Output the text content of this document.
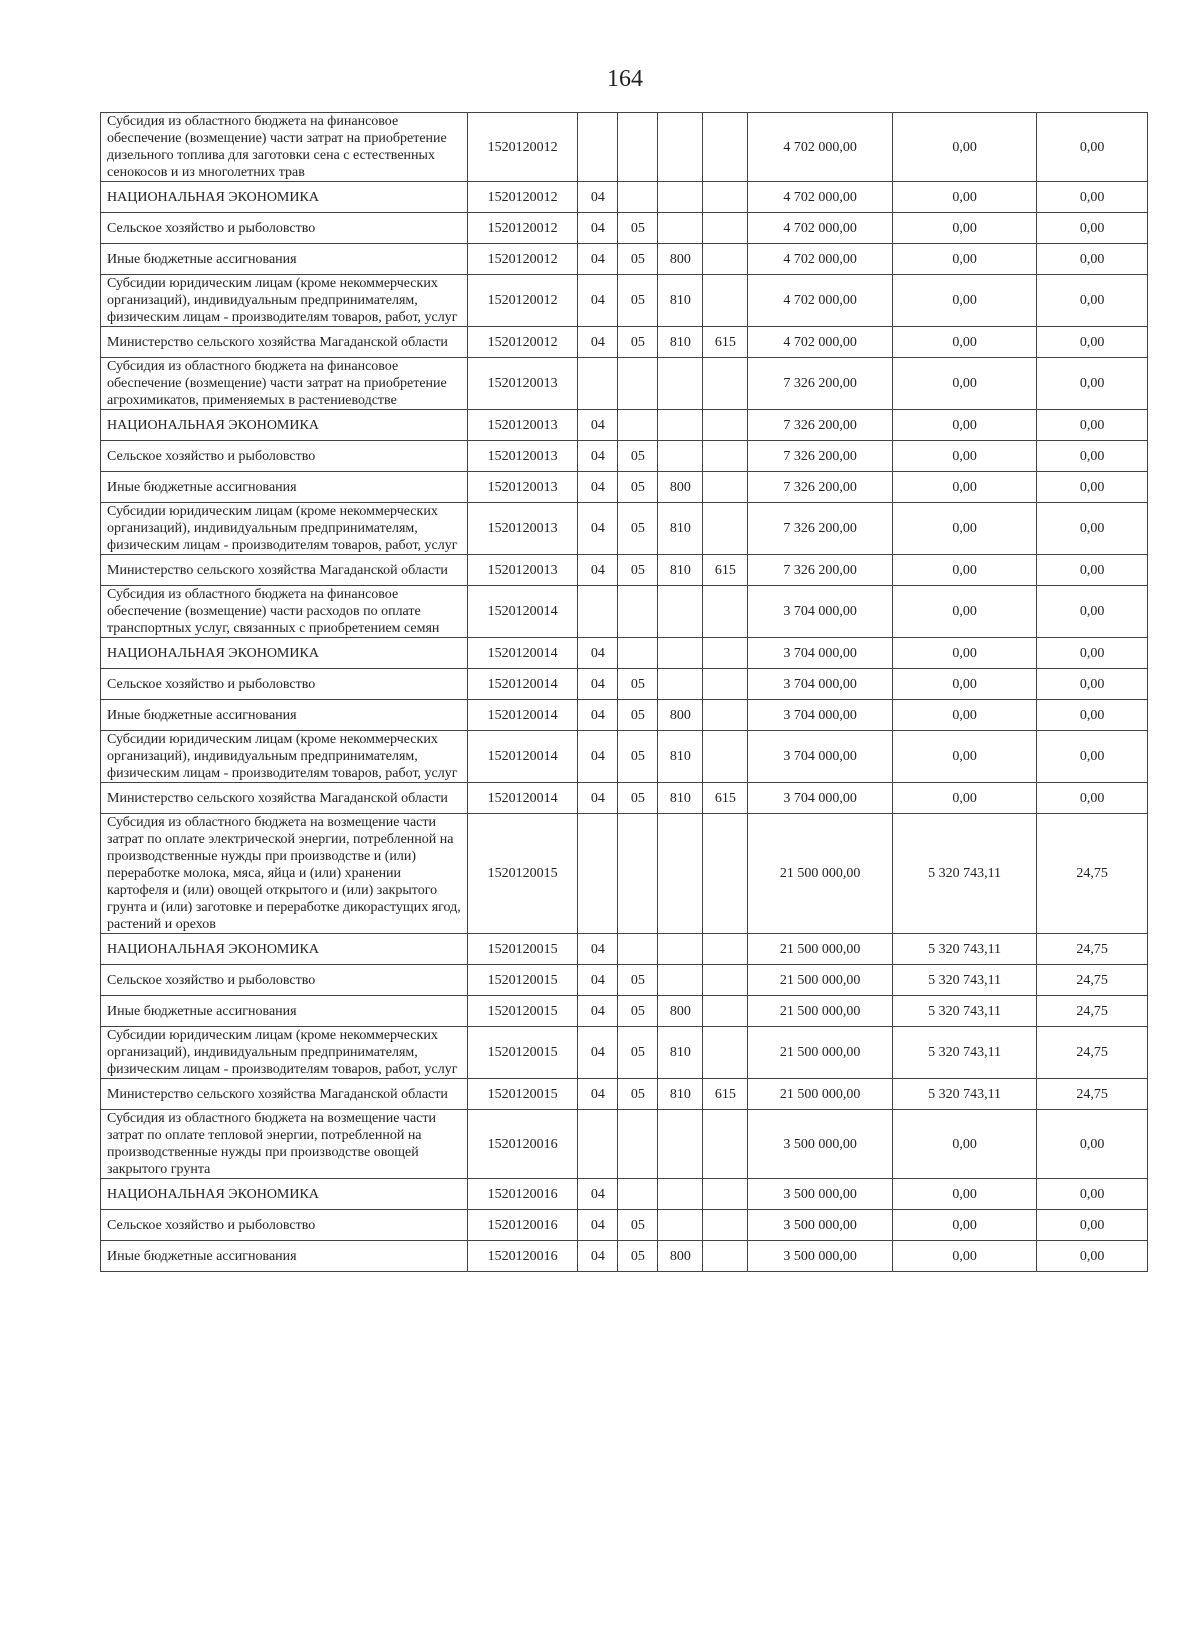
164
Субсидия из областного бюджета на финансовое обеспечение (возмещение) части затрат на приобретение дизельного топлива для заготовки сена с естественных сенокосов и из многолетних трав	1520120012					4 702 000,00	0,00	0,00
НАЦИОНАЛЬНАЯ ЭКОНОМИКА	1520120012	04				4 702 000,00	0,00	0,00
Сельское хозяйство и рыболовство	1520120012	04	05			4 702 000,00	0,00	0,00
Иные бюджетные ассигнования	1520120012	04	05	800		4 702 000,00	0,00	0,00
Субсидии юридическим лицам (кроме некоммерческих организаций), индивидуальным предпринимателям, физическим лицам - производителям товаров, работ, услуг	1520120012	04	05	810		4 702 000,00	0,00	0,00
Министерство сельского хозяйства Магаданской области	1520120012	04	05	810	615	4 702 000,00	0,00	0,00
Субсидия из областного бюджета на финансовое обеспечение (возмещение) части затрат на приобретение агрохимикатов, применяемых в растениеводстве	1520120013					7 326 200,00	0,00	0,00
НАЦИОНАЛЬНАЯ ЭКОНОМИКА	1520120013	04				7 326 200,00	0,00	0,00
Сельское хозяйство и рыболовство	1520120013	04	05			7 326 200,00	0,00	0,00
Иные бюджетные ассигнования	1520120013	04	05	800		7 326 200,00	0,00	0,00
Субсидии юридическим лицам (кроме некоммерческих организаций), индивидуальным предпринимателям, физическим лицам - производителям товаров, работ, услуг	1520120013	04	05	810		7 326 200,00	0,00	0,00
Министерство сельского хозяйства Магаданской области	1520120013	04	05	810	615	7 326 200,00	0,00	0,00
Субсидия из областного бюджета на финансовое обеспечение (возмещение) части расходов по оплате транспортных услуг, связанных с приобретением семян	1520120014					3 704 000,00	0,00	0,00
НАЦИОНАЛЬНАЯ ЭКОНОМИКА	1520120014	04				3 704 000,00	0,00	0,00
Сельское хозяйство и рыболовство	1520120014	04	05			3 704 000,00	0,00	0,00
Иные бюджетные ассигнования	1520120014	04	05	800		3 704 000,00	0,00	0,00
Субсидии юридическим лицам (кроме некоммерческих организаций), индивидуальным предпринимателям, физическим лицам - производителям товаров, работ, услуг	1520120014	04	05	810		3 704 000,00	0,00	0,00
Министерство сельского хозяйства Магаданской области	1520120014	04	05	810	615	3 704 000,00	0,00	0,00
Субсидия из областного бюджета на возмещение части затрат по оплате электрической энергии, потребленной на производственные нужды при производстве и (или) переработке молока, мяса, яйца и (или) хранении картофеля и (или) овощей открытого и (или) закрытого грунта и (или) заготовке и переработке дикорастущих ягод, растений и орехов	1520120015					21 500 000,00	5 320 743,11	24,75
НАЦИОНАЛЬНАЯ ЭКОНОМИКА	1520120015	04				21 500 000,00	5 320 743,11	24,75
Сельское хозяйство и рыболовство	1520120015	04	05			21 500 000,00	5 320 743,11	24,75
Иные бюджетные ассигнования	1520120015	04	05	800		21 500 000,00	5 320 743,11	24,75
Субсидии юридическим лицам (кроме некоммерческих организаций), индивидуальным предпринимателям, физическим лицам - производителям товаров, работ, услуг	1520120015	04	05	810		21 500 000,00	5 320 743,11	24,75
Министерство сельского хозяйства Магаданской области	1520120015	04	05	810	615	21 500 000,00	5 320 743,11	24,75
Субсидия из областного бюджета на возмещение части затрат по оплате тепловой энергии, потребленной на производственные нужды при производстве овощей закрытого грунта	1520120016					3 500 000,00	0,00	0,00
НАЦИОНАЛЬНАЯ ЭКОНОМИКА	1520120016	04				3 500 000,00	0,00	0,00
Сельское хозяйство и рыболовство	1520120016	04	05			3 500 000,00	0,00	0,00
Иные бюджетные ассигнования	1520120016	04	05	800		3 500 000,00	0,00	0,00
